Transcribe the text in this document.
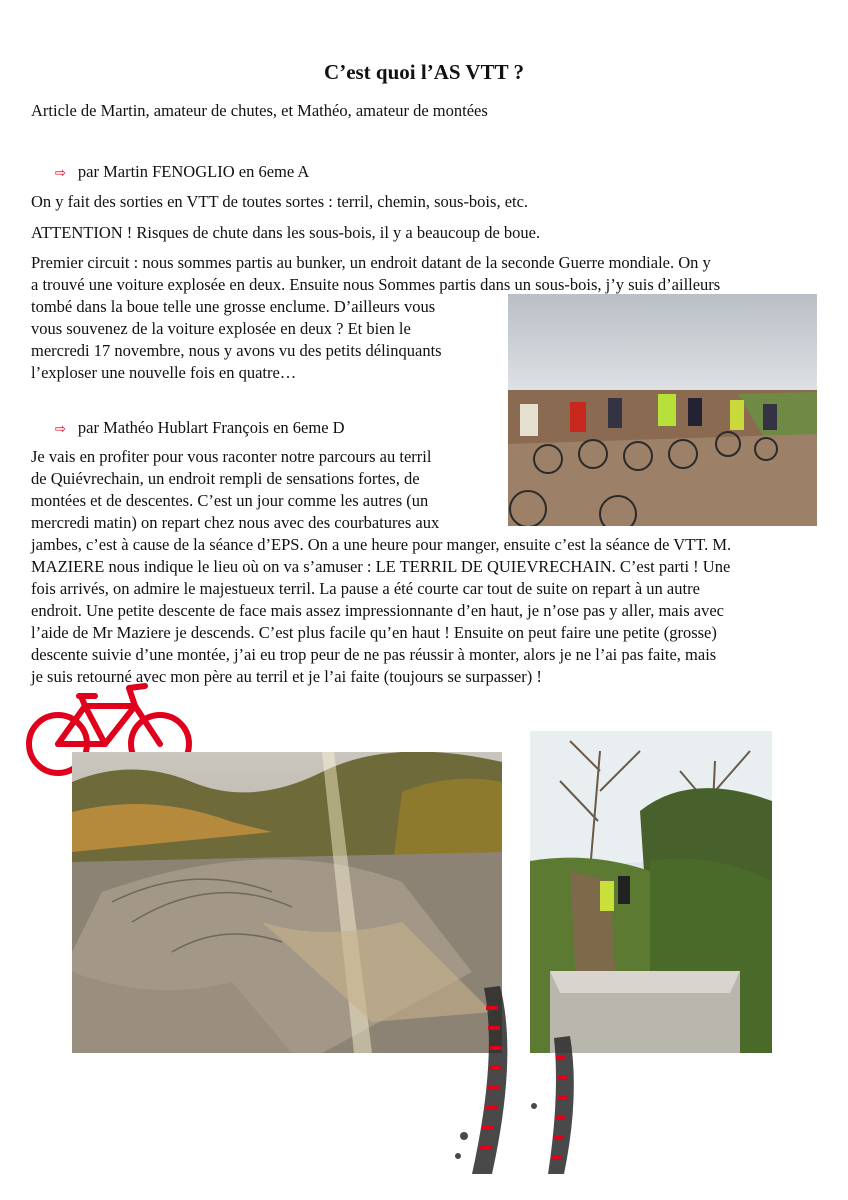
C’est quoi l’AS VTT ?
Article de Martin, amateur de chutes, et Mathéo, amateur de montées
⇨ par Martin FENOGLIO en 6eme A
On y fait des sorties en VTT de toutes sortes : terril, chemin, sous-bois, etc.
ATTENTION ! Risques de chute dans les sous-bois, il y a beaucoup de boue.
Premier circuit : nous sommes partis au bunker, un endroit datant de la seconde Guerre mondiale. On y
a trouvé une voiture explosée en deux. Ensuite nous Sommes partis dans un sous-bois, j’y suis d’ailleurs
tombé dans la boue telle une grosse enclume. D’ailleurs vous
vous souvenez de la voiture explosée en deux ? Et bien le
mercredi 17 novembre, nous y avons vu des petits délinquants
l’exploser une nouvelle fois en quatre…
⇨ par Mathéo Hublart François en 6eme D
Je vais en profiter pour vous raconter notre parcours au terril
de Quiévrechain, un endroit rempli de sensations fortes, de
montées et de descentes. C’est un jour comme les autres (un
mercredi matin) on repart chez nous avec des courbatures aux
jambes, c’est à cause de la séance d’EPS. On a une heure pour manger, ensuite c’est la séance de VTT. M.
MAZIERE nous indique le lieu où on va s’amuser : LE TERRIL DE QUIEVRECHAIN. C’est parti ! Une
fois arrivés, on admire le majestueux terril. La pause a été courte car tout de suite on repart à un autre
endroit. Une petite descente de face mais assez impressionnante d’en haut, je n’ose pas y aller, mais avec
l’aide de Mr Maziere je descends. C’est plus facile qu’en haut ! Ensuite on peut faire une petite (grosse)
descente suivie d’une montée, j’ai eu trop peur de ne pas réussir à monter, alors je ne l’ai pas faite, mais
je suis retourné avec mon père au terril et je l’ai faite (toujours se surpasser) !
